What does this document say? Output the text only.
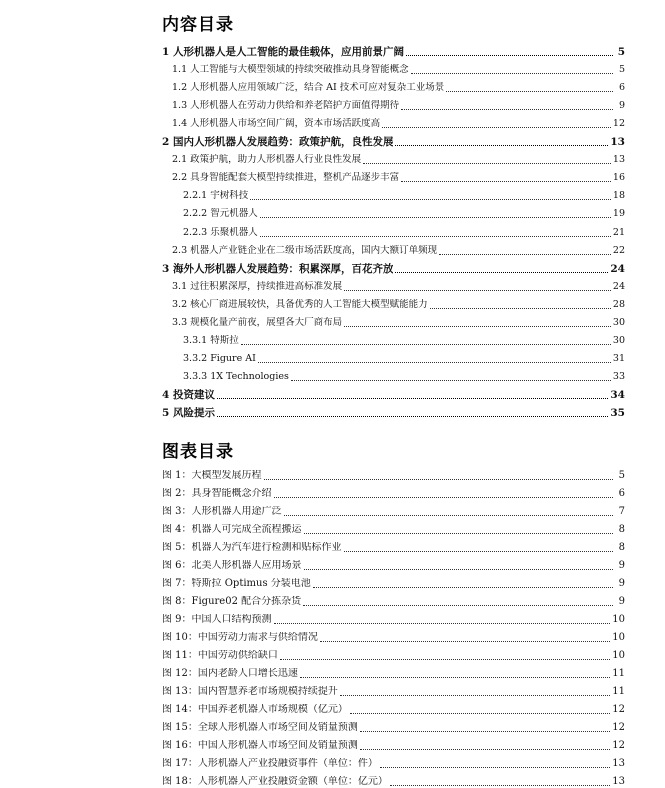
内容目录
1 人形机器人是人工智能的最佳载体，应用前景广阔	5
1.1 人工智能与大模型领域的持续突破推动具身智能概念	5
1.2 人形机器人应用领域广泛，结合 AI 技术可应对复杂工业场景	6
1.3 人形机器人在劳动力供给和养老陪护方面值得期待	9
1.4 人形机器人市场空间广阔，资本市场活跃度高	12
2 国内人形机器人发展趋势：政策护航，良性发展	13
2.1 政策护航，助力人形机器人行业良性发展	13
2.2 具身智能配套大模型持续推进，整机产品逐步丰富	16
2.2.1 宇树科技	18
2.2.2 智元机器人	19
2.2.3 乐聚机器人	21
2.3 机器人产业链企业在二级市场活跃度高，国内大额订单频现	22
3 海外人形机器人发展趋势：积累深厚，百花齐放	24
3.1 过往积累深厚，持续推进高标准发展	24
3.2 核心厂商进展较快，具备优秀的人工智能大模型赋能能力	28
3.3 规模化量产前夜，展望各大厂商布局	30
3.3.1 特斯拉	30
3.3.2 Figure AI	31
3.3.3 1X Technologies	33
4 投资建议	34
5 风险提示	35
图表目录
图 1：大模型发展历程	5
图 2：具身智能概念介绍	6
图 3：人形机器人用途广泛	7
图 4：机器人可完成全流程搬运	8
图 5：机器人为汽车进行检测和贴标作业	8
图 6：北美人形机器人应用场景	9
图 7：特斯拉 Optimus 分装电池	9
图 8：Figure02 配合分拣杂货	9
图 9：中国人口结构预测	10
图 10：中国劳动力需求与供给情况	10
图 11：中国劳动供给缺口	10
图 12：国内老龄人口增长迅速	11
图 13：国内智慧养老市场规模持续提升	11
图 14：中国养老机器人市场规模（亿元）	12
图 15：全球人形机器人市场空间及销量预测	12
图 16：中国人形机器人市场空间及销量预测	12
图 17：人形机器人产业投融资事件（单位：件）	13
图 18：人形机器人产业投融资金额（单位：亿元）	13
